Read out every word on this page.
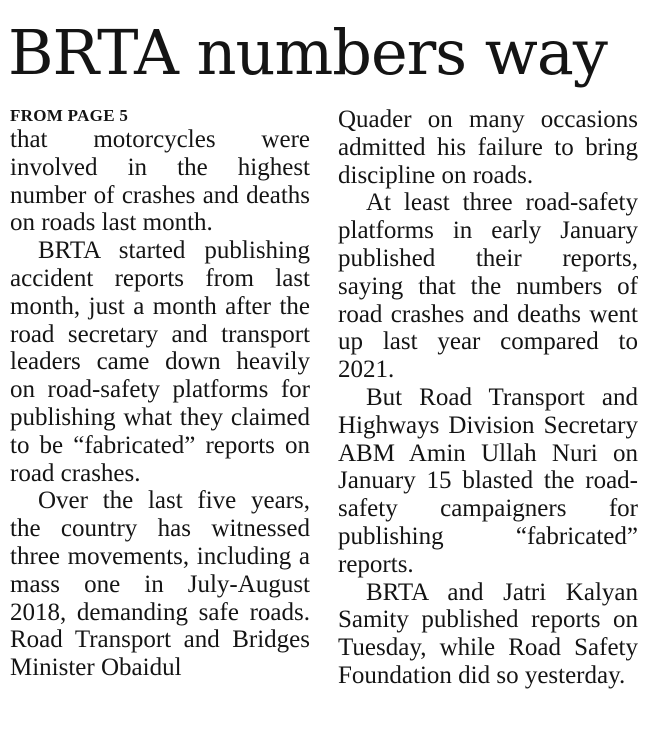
BRTA numbers way
FROM PAGE 5

that motorcycles were involved in the highest number of crashes and deaths on roads last month.

BRTA started publishing accident reports from last month, just a month after the road secretary and transport leaders came down heavily on road-safety platforms for publishing what they claimed to be “fabricated” reports on road crashes.

Over the last five years, the country has witnessed three movements, including a mass one in July-August 2018, demanding safe roads. Road Transport and Bridges Minister Obaidul

Quader on many occasions admitted his failure to bring discipline on roads.

At least three road-safety platforms in early January published their reports, saying that the numbers of road crashes and deaths went up last year compared to 2021.

But Road Transport and Highways Division Secretary ABM Amin Ullah Nuri on January 15 blasted the road-safety campaigners for publishing “fabricated” reports.

BRTA and Jatri Kalyan Samity published reports on Tuesday, while Road Safety Foundation did so yesterday.
